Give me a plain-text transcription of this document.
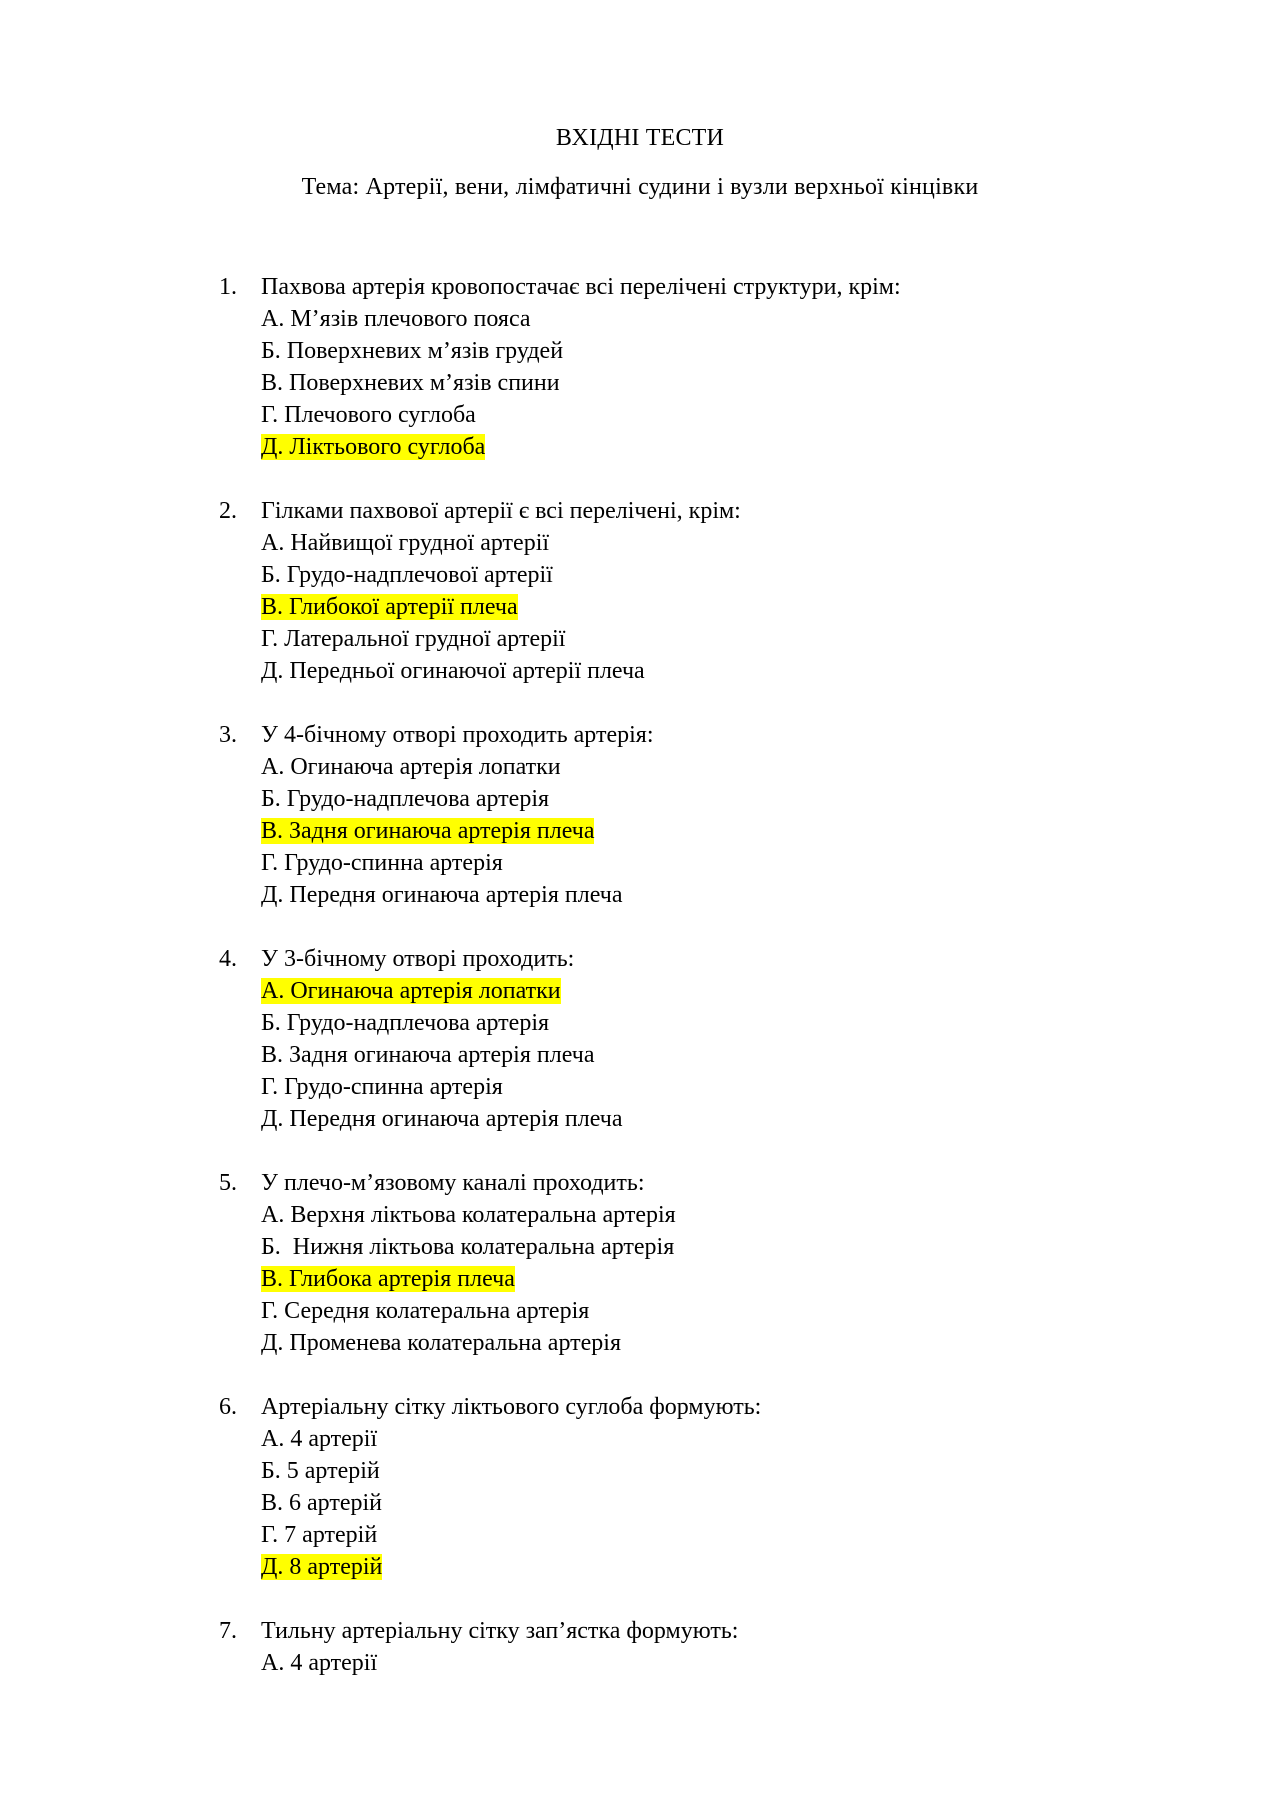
ВХІДНІ ТЕСТИ

Тема: Артерії, вени, лімфатичні судини і вузли верхньої кінцівки

1.	Пахвова артерія кровопостачає всі перелічені структури, крім:
А. М’язів плечового пояса
Б. Поверхневих м’язів грудей
В. Поверхневих м’язів спини
Г. Плечового суглоба
Д. Ліктьового суглоба
2.	Гілками пахвової артерії є всі перелічені, крім:
А. Найвищої грудної артерії
Б. Грудо-надплечової артерії
В. Глибокої артерії плеча
Г. Латеральної грудної артерії
Д. Передньої огинаючої артерії плеча
3.	У 4-бічному отворі проходить артерія:
А. Огинаюча артерія лопатки
Б. Грудо-надплечова артерія
В. Задня огинаюча артерія плеча
Г. Грудо-спинна артерія
Д. Передня огинаюча артерія плеча
4.	У 3-бічному отворі проходить:
А. Огинаюча артерія лопатки
Б. Грудо-надплечова артерія
В. Задня огинаюча артерія плеча
Г. Грудо-спинна артерія
Д. Передня огинаюча артерія плеча
5.	У плечо-м’язовому каналі проходить:
А. Верхня ліктьова колатеральна артерія
Б.  Нижня ліктьова колатеральна артерія
В. Глибока артерія плеча
Г. Середня колатеральна артерія
Д. Променева колатеральна артерія
6.	Артеріальну сітку ліктьового суглоба формують:
А. 4 артерії
Б. 5 артерій
В. 6 артерій
Г. 7 артерій
Д. 8 артерій
7.	Тильну артеріальну сітку зап’ястка формують:
А. 4 артерії
